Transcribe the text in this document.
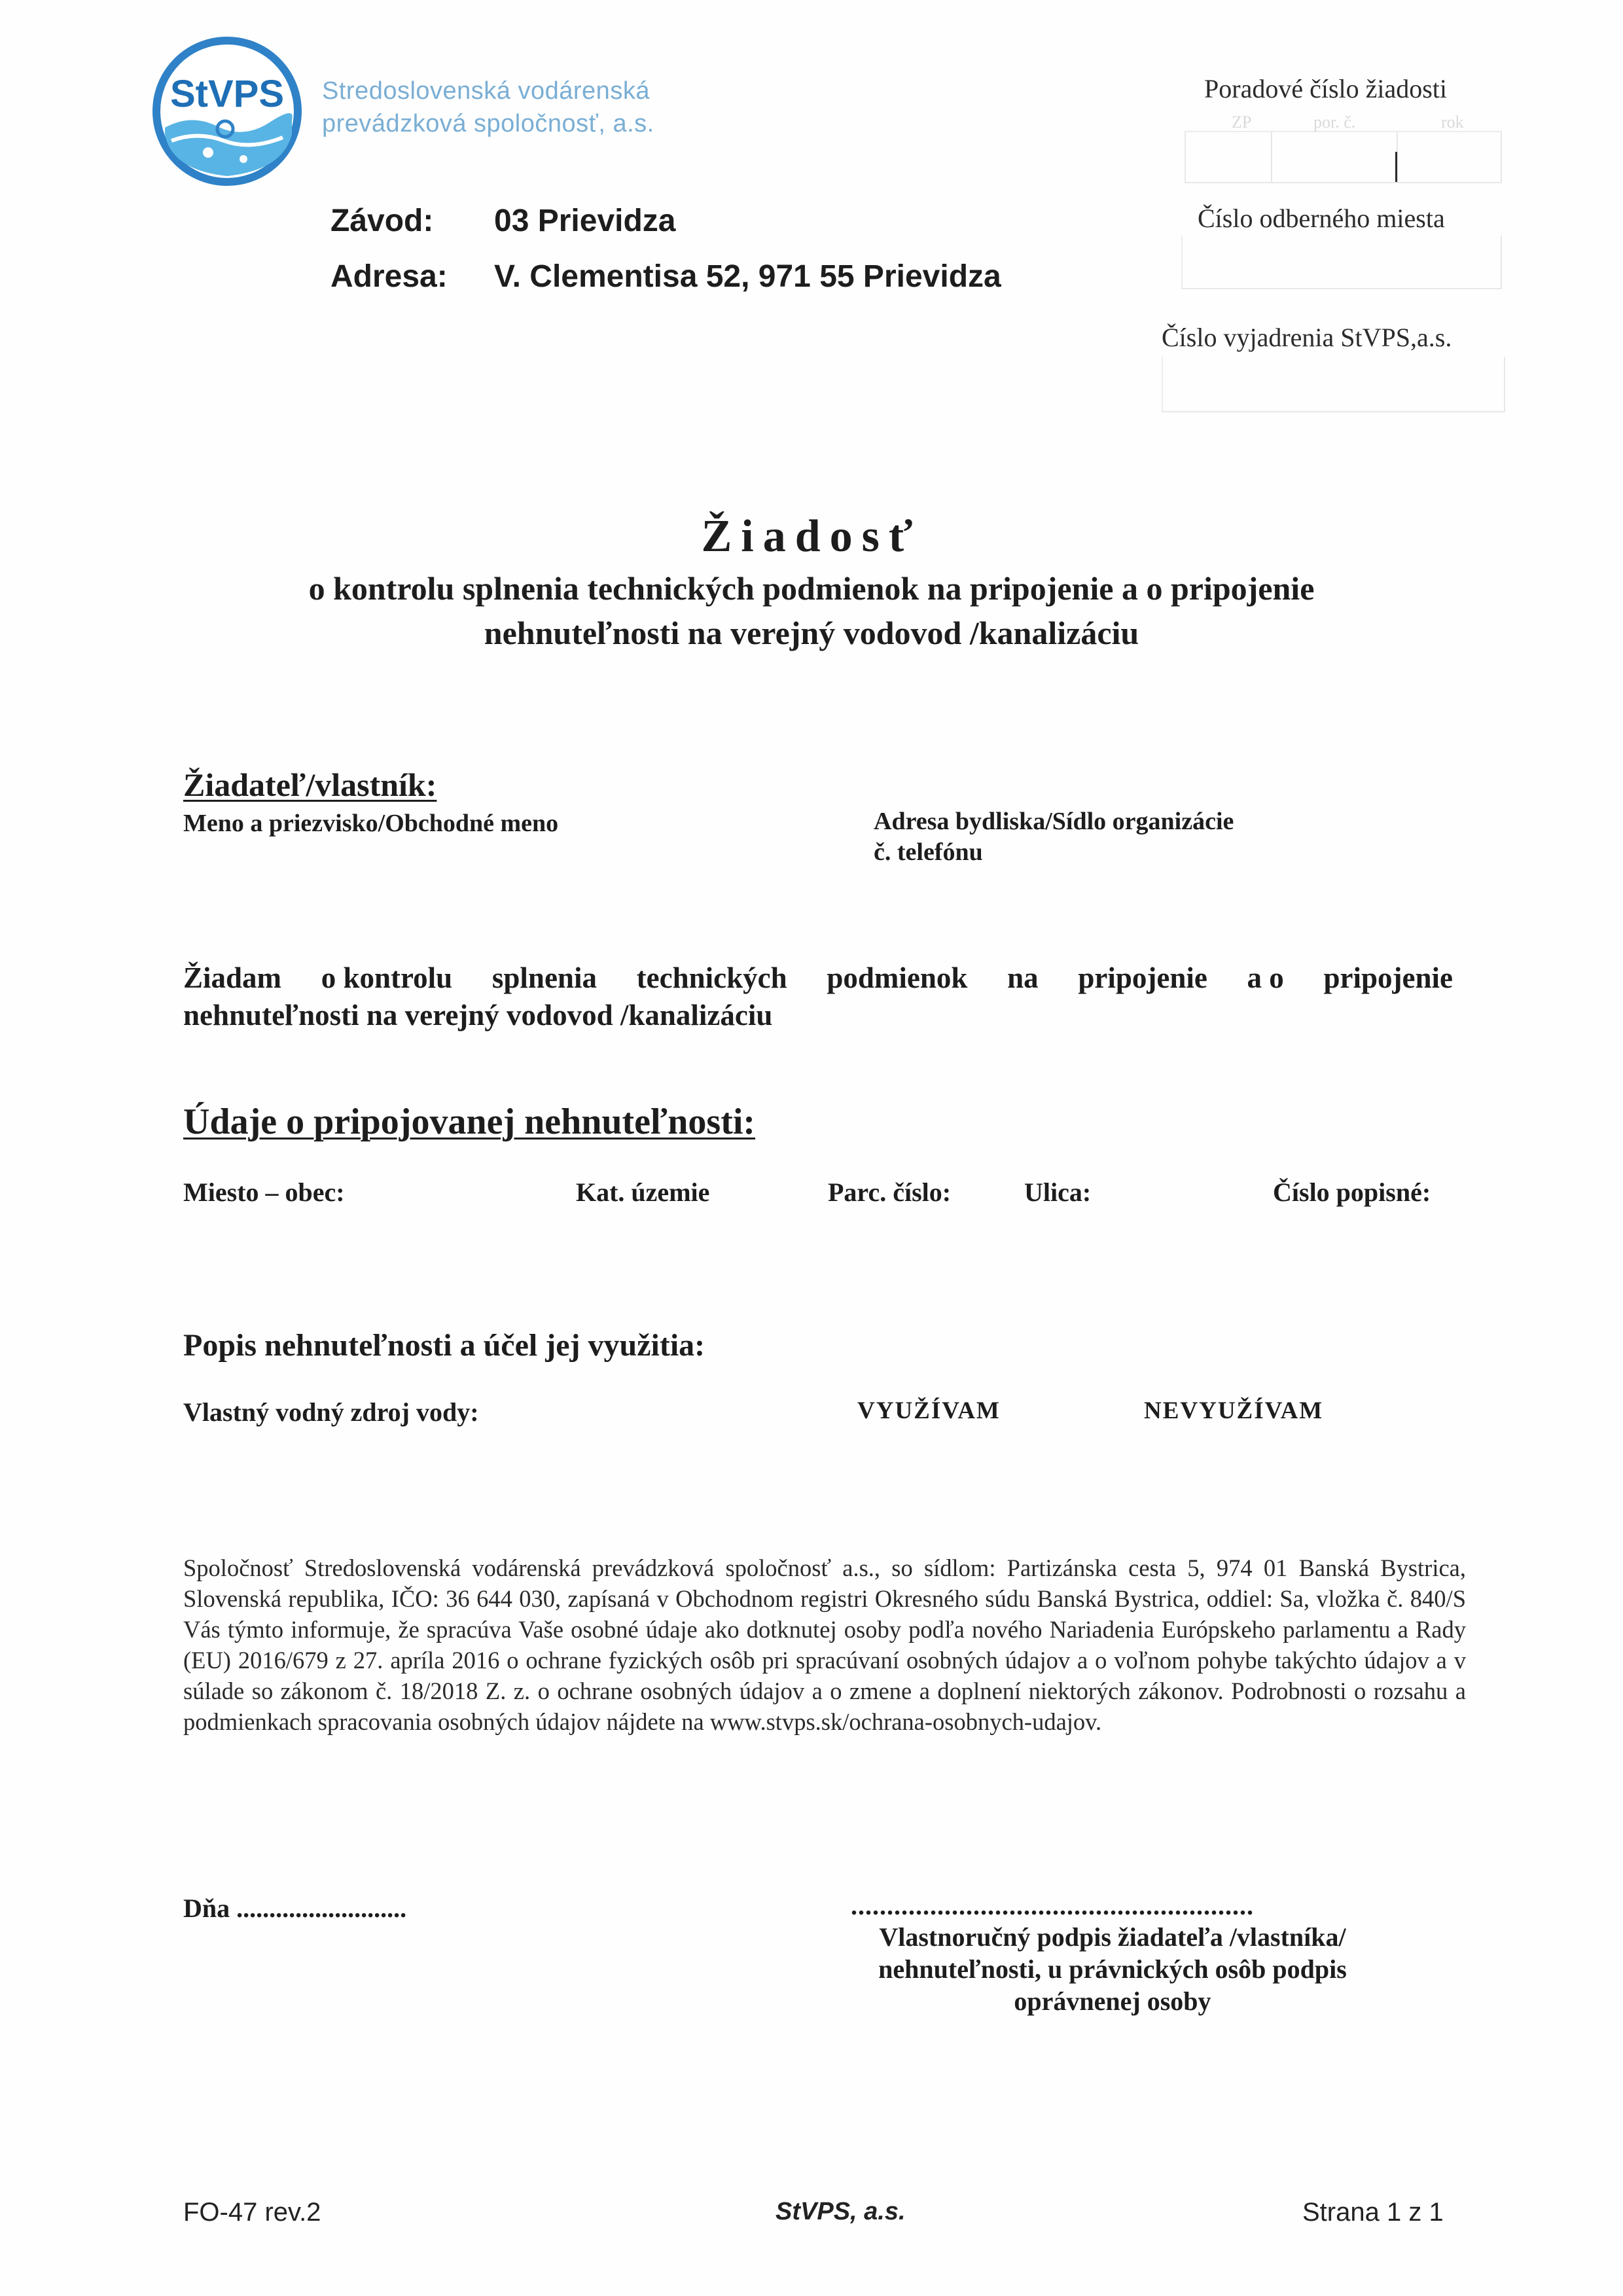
StVPS Stredoslovenská vodárenská
prevádzková spoločnosť, a.s.
Závod: 03 Prievidza
Adresa: V. Clementisa 52, 971 55 Prievidza
Poradové číslo žiadosti
ZP	por. č.	rok
Číslo odberného miesta
Číslo vyjadrenia StVPS,a.s.
Žiadosť
o kontrolu splnenia technických podmienok na pripojenie a o pripojenie
nehnuteľnosti na verejný vodovod /kanalizáciu
Žiadateľ/vlastník:
Meno a priezvisko/Obchodné meno	Adresa bydliska/Sídlo organizácie
č. telefónu
Žiadam o kontrolu splnenia technických podmienok na pripojenie a o pripojenie
nehnuteľnosti na verejný vodovod /kanalizáciu
Údaje o pripojovanej nehnuteľnosti:
Miesto – obec:	Kat. územie	Parc. číslo:	Ulica:	Číslo popisné:
Popis nehnuteľnosti a účel jej využitia:
Vlastný vodný zdroj vody:	VYUŽÍVAM	NEVYUŽÍVAM
Spoločnosť Stredoslovenská vodárenská prevádzková spoločnosť a.s., so sídlom: Partizánska cesta 5, 974 01 Banská Bystrica, Slovenská republika, IČO: 36 644 030, zapísaná v Obchodnom registri Okresného súdu Banská Bystrica, oddiel: Sa, vložka č. 840/S Vás týmto informuje, že spracúva Vaše osobné údaje ako dotknutej osoby podľa nového Nariadenia Európskeho parlamentu a Rady (EU) 2016/679 z 27. apríla 2016 o ochrane fyzických osôb pri spracúvaní osobných údajov a o voľnom pohybe takýchto údajov a v súlade so zákonom č. 18/2018 Z. z. o ochrane osobných údajov a o zmene a doplnení niektorých zákonov. Podrobnosti o rozsahu a podmienkach spracovania osobných údajov nájdete na www.stvps.sk/ochrana-osobnych-udajov.
Dňa ..........................	........................................................
Vlastnoručný podpis žiadateľa /vlastníka/
nehnuteľnosti, u právnických osôb podpis
oprávnenej osoby
FO-47 rev.2	StVPS, a.s.	Strana 1 z 1
